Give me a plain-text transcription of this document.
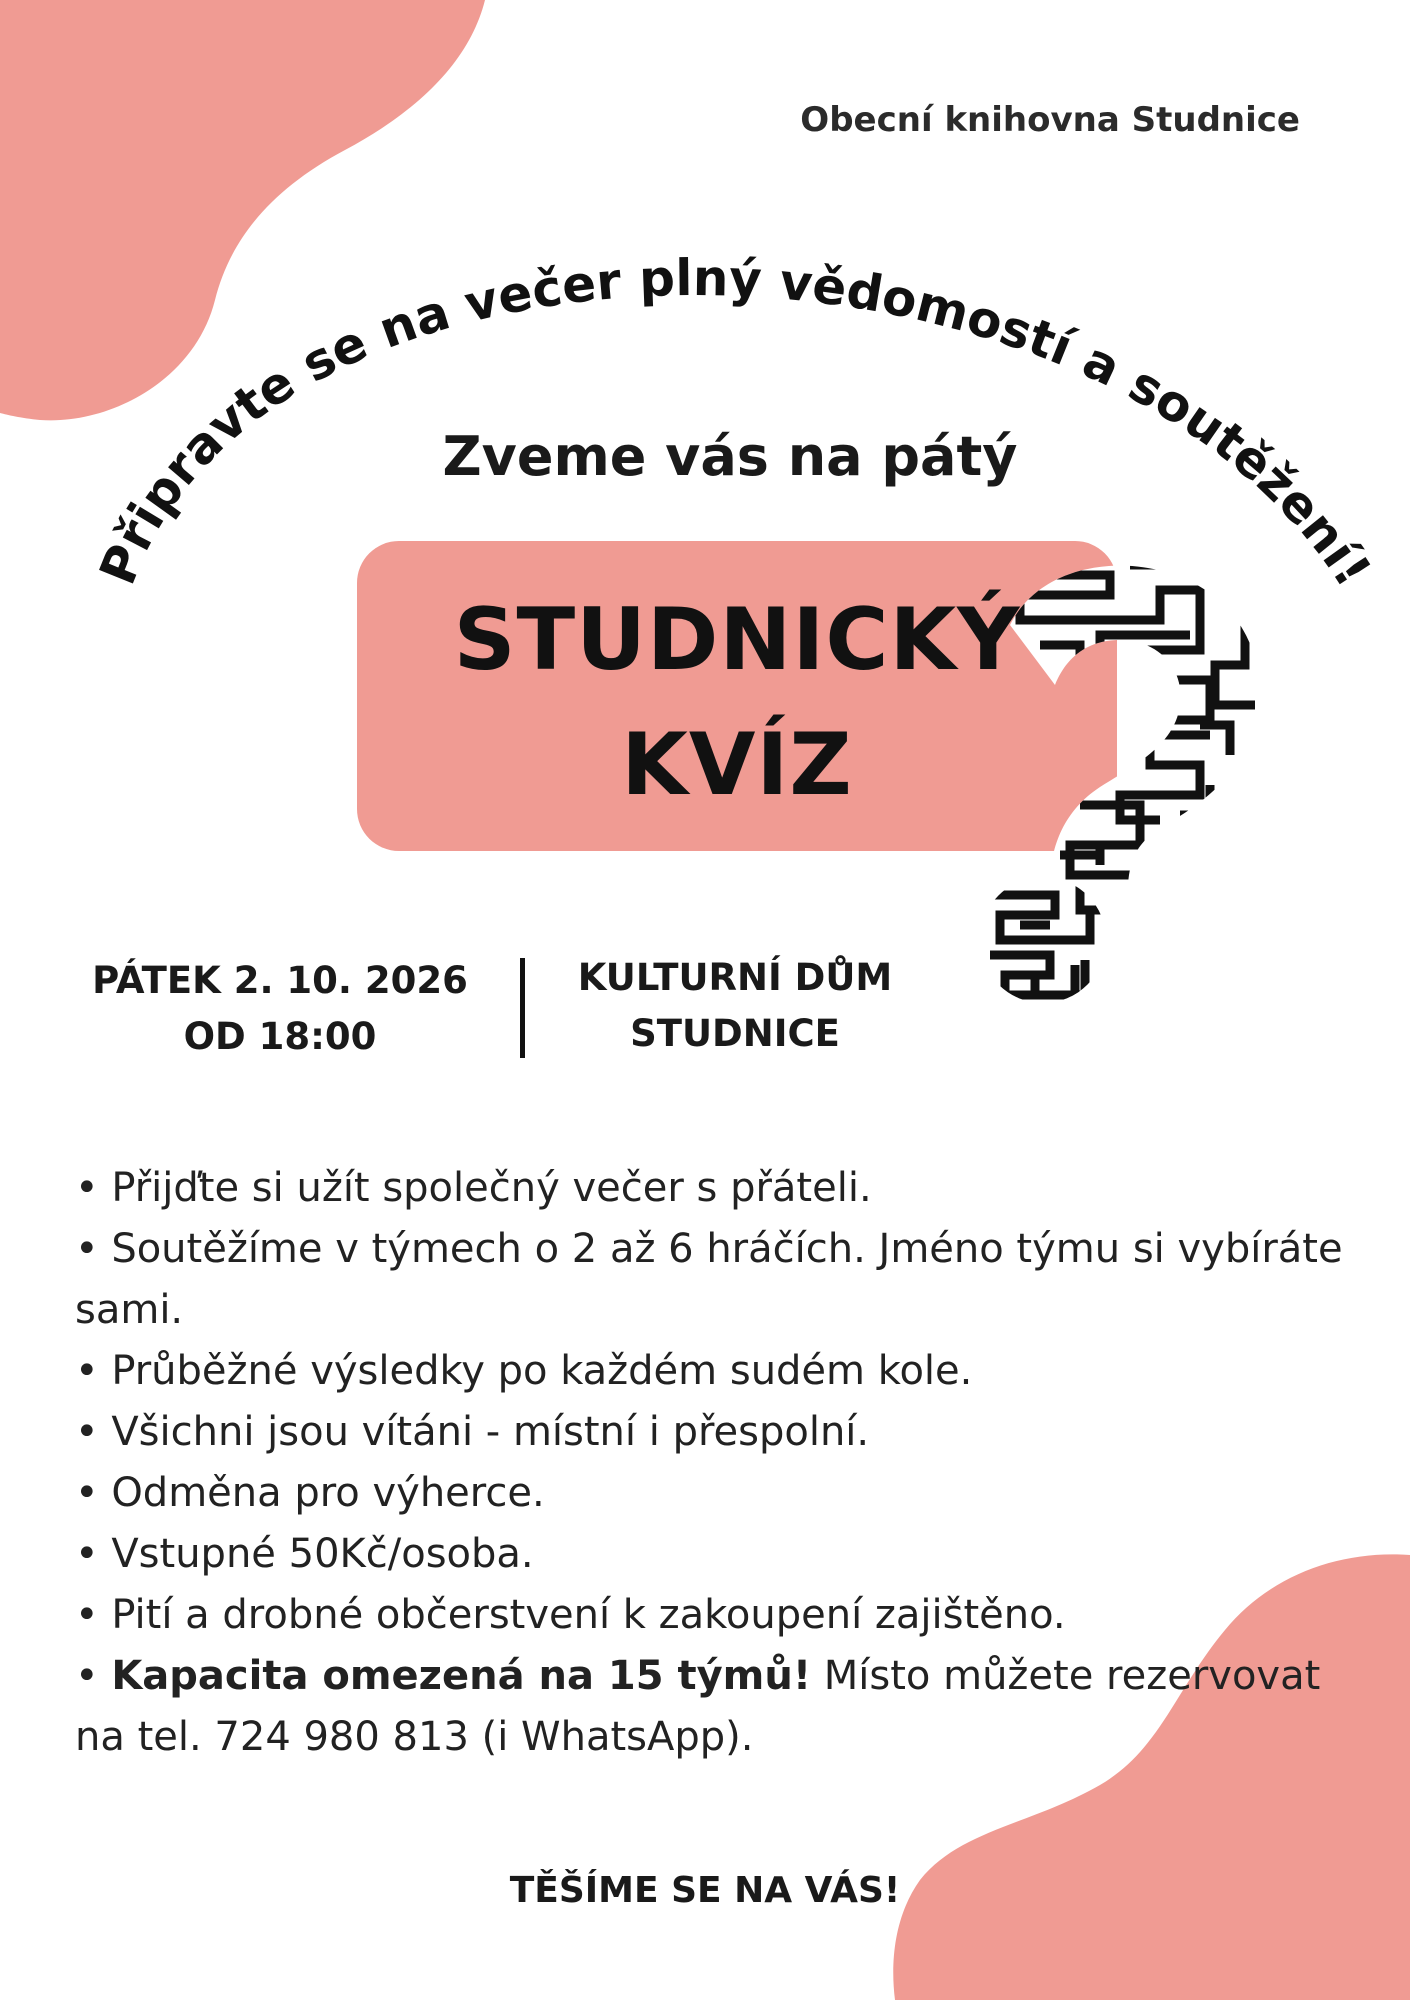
Obecní knihovna Studnice

Připravte se na večer plný vědomostí a soutěžení!

Zveme vás na pátý

STUDNICKÝ

KVÍZ

PÁTEK 2. 10. 2026
OD 18:00

KULTURNÍ DŮM
STUDNICE

• Přijďte si užít společný večer s přáteli.
• Soutěžíme v týmech o 2 až 6 hráčích. Jméno týmu si vybíráte sami.
• Průběžné výsledky po každém sudém kole.
• Všichni jsou vítáni - místní i přespolní.
• Odměna pro výherce.
• Vstupné 50Kč/osoba.
• Pití a drobné občerstvení k zakoupení zajištěno.
• Kapacita omezená na 15 týmů! Místo můžete rezervovat na tel. 724 980 813 (i WhatsApp).

TĚŠÍME SE NA VÁS!
